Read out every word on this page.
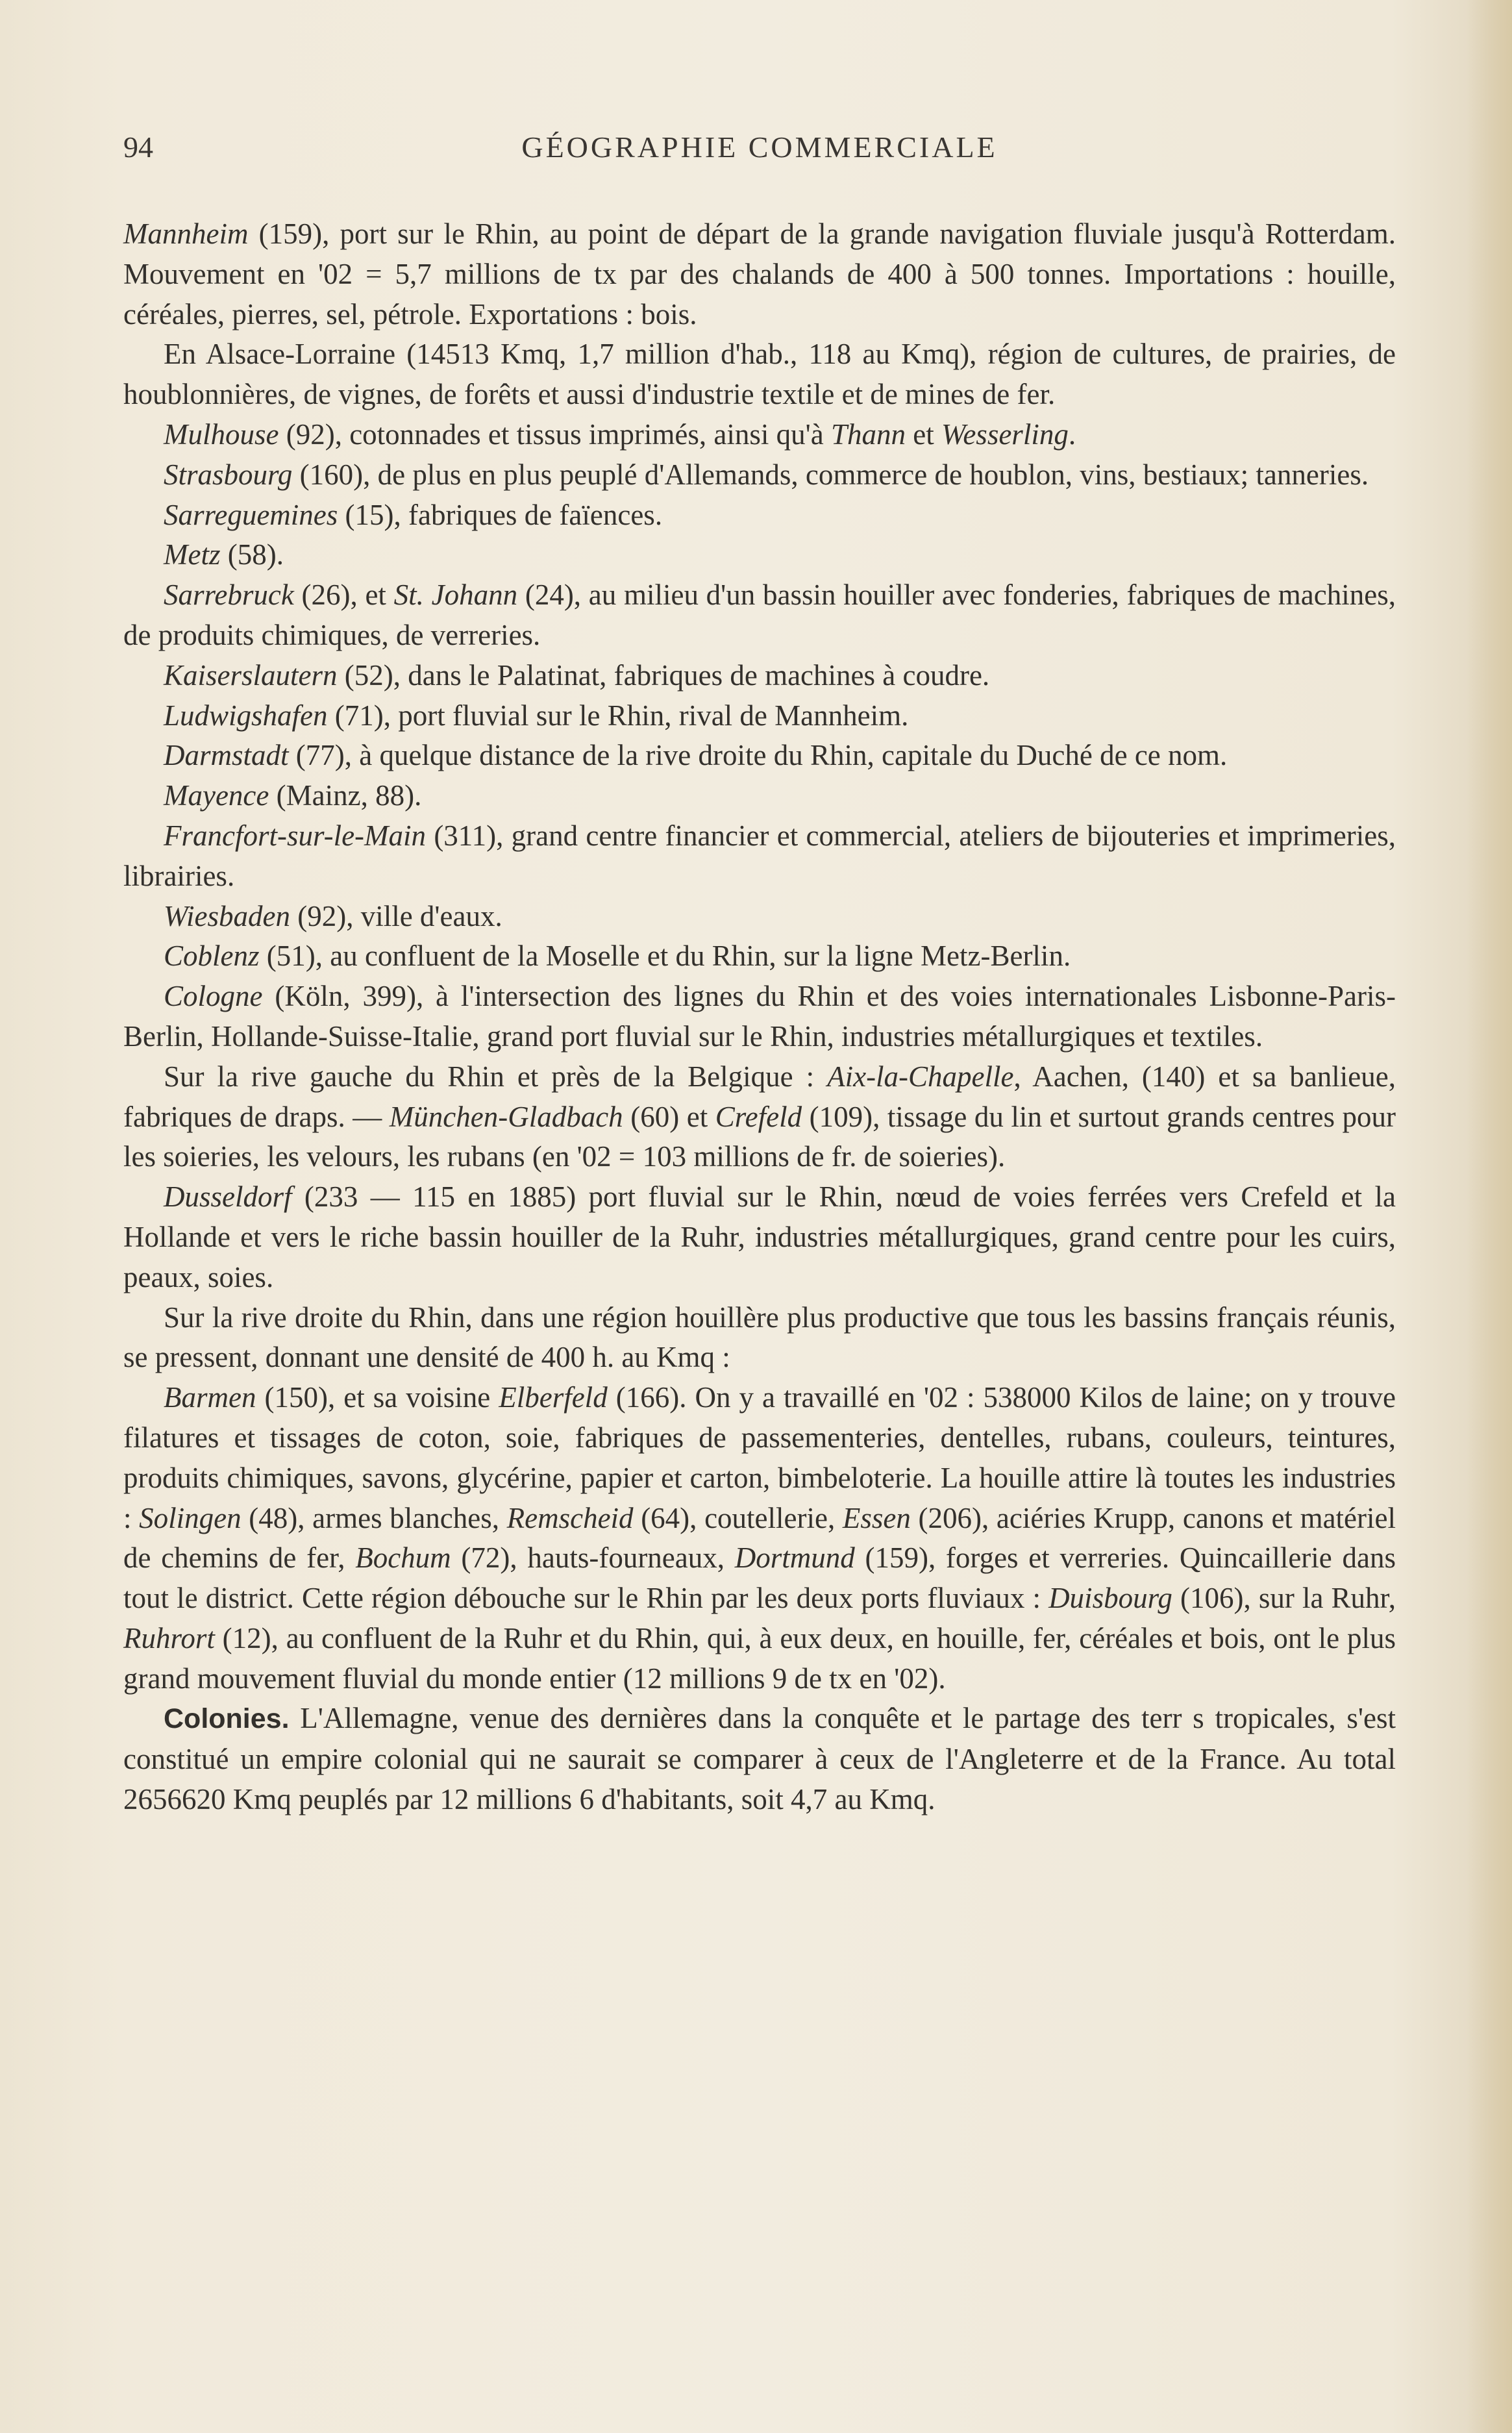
94	GÉOGRAPHIE COMMERCIALE

Mannheim (159), port sur le Rhin, au point de départ de la grande navigation fluviale jusqu'à Rotterdam. Mouvement en '02 = 5,7 millions de tx par des chalands de 400 à 500 tonnes. Importations : houille, céréales, pierres, sel, pétrole. Exportations : bois.

En Alsace-Lorraine (14513 Kmq, 1,7 million d'hab., 118 au Kmq), région de cultures, de prairies, de houblonnières, de vignes, de forêts et aussi d'industrie textile et de mines de fer.

Mulhouse (92), cotonnades et tissus imprimés, ainsi qu'à Thann et Wesserling.

Strasbourg (160), de plus en plus peuplé d'Allemands, commerce de houblon, vins, bestiaux; tanneries.

Sarreguemines (15), fabriques de faïences.

Metz (58).

Sarrebruck (26), et St. Johann (24), au milieu d'un bassin houiller avec fonderies, fabriques de machines, de produits chimiques, de verreries.

Kaiserslautern (52), dans le Palatinat, fabriques de machines à coudre.

Ludwigshafen (71), port fluvial sur le Rhin, rival de Mannheim.

Darmstadt (77), à quelque distance de la rive droite du Rhin, capitale du Duché de ce nom.

Mayence (Mainz, 88).

Francfort-sur-le-Main (311), grand centre financier et commercial, ateliers de bijouteries et imprimeries, librairies.

Wiesbaden (92), ville d'eaux.

Coblenz (51), au confluent de la Moselle et du Rhin, sur la ligne Metz-Berlin.

Cologne (Köln, 399), à l'intersection des lignes du Rhin et des voies internationales Lisbonne-Paris-Berlin, Hollande-Suisse-Italie, grand port fluvial sur le Rhin, industries métallurgiques et textiles.

Sur la rive gauche du Rhin et près de la Belgique : Aix-la-Chapelle, Aachen, (140) et sa banlieue, fabriques de draps. — München-Gladbach (60) et Crefeld (109), tissage du lin et surtout grands centres pour les soieries, les velours, les rubans (en '02 = 103 millions de fr. de soieries).

Dusseldorf (233 — 115 en 1885) port fluvial sur le Rhin, nœud de voies ferrées vers Crefeld et la Hollande et vers le riche bassin houiller de la Ruhr, industries métallurgiques, grand centre pour les cuirs, peaux, soies.

Sur la rive droite du Rhin, dans une région houillère plus productive que tous les bassins français réunis, se pressent, donnant une densité de 400 h. au Kmq :

Barmen (150), et sa voisine Elberfeld (166). On y a travaillé en '02 : 538000 Kilos de laine; on y trouve filatures et tissages de coton, soie, fabriques de passementeries, dentelles, rubans, couleurs, teintures, produits chimiques, savons, glycérine, papier et carton, bimbeloterie. La houille attire là toutes les industries : Solingen (48), armes blanches, Remscheid (64), coutellerie, Essen (206), aciéries Krupp, canons et matériel de chemins de fer, Bochum (72), hauts-fourneaux, Dortmund (159), forges et verreries. Quincaillerie dans tout le district. Cette région débouche sur le Rhin par les deux ports fluviaux : Duisbourg (106), sur la Ruhr, Ruhrort (12), au confluent de la Ruhr et du Rhin, qui, à eux deux, en houille, fer, céréales et bois, ont le plus grand mouvement fluvial du monde entier (12 millions 9 de tx en '02).

Colonies. L'Allemagne, venue des dernières dans la conquête et le partage des terr s tropicales, s'est constitué un empire colonial qui ne saurait se comparer à ceux de l'Angleterre et de la France. Au total 2656620 Kmq peuplés par 12 millions 6 d'habitants, soit 4,7 au Kmq.
